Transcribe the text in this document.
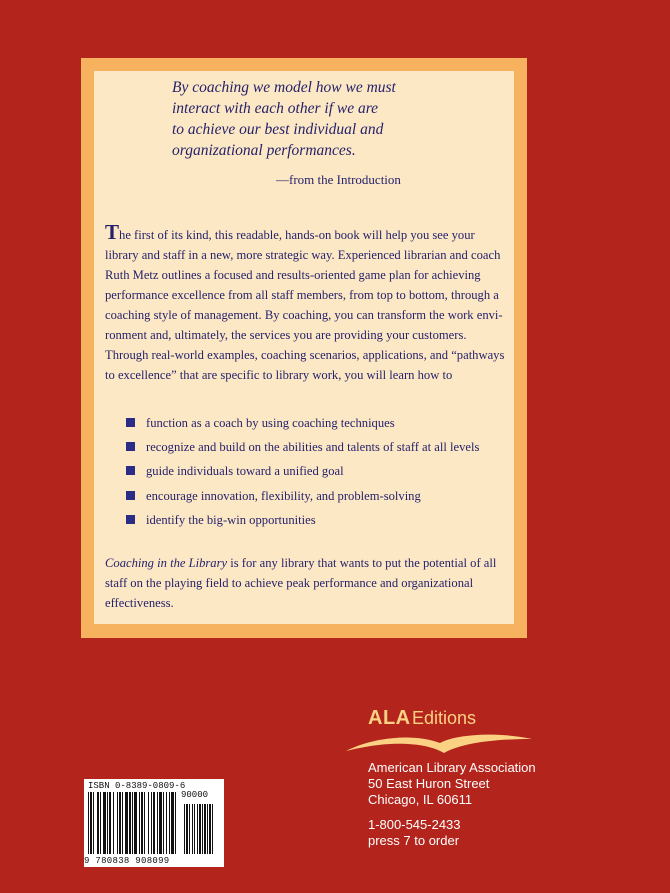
By coaching we model how we must
interact with each other if we are
to achieve our best individual and
organizational performances.
—from the Introduction
The first of its kind, this readable, hands-on book will help you see your
library and staff in a new, more strategic way. Experienced librarian and coach
Ruth Metz outlines a focused and results-oriented game plan for achieving
performance excellence from all staff members, from top to bottom, through a
coaching style of management. By coaching, you can transform the work envi-
ronment and, ultimately, the services you are providing your customers.
Through real-world examples, coaching scenarios, applications, and “pathways
to excellence” that are specific to library work, you will learn how to
function as a coach by using coaching techniques
recognize and build on the abilities and talents of staff at all levels
guide individuals toward a unified goal
encourage innovation, flexibility, and problem-solving
identify the big-win opportunities
Coaching in the Library is for any library that wants to put the potential of all
staff on the playing field to achieve peak performance and organizational
effectiveness.
ALA Editions
American Library Association
50 East Huron Street
Chicago, IL 60611
1-800-545-2433
press 7 to order
ISBN 0-8389-0809-6
90000
9 780838 908099
